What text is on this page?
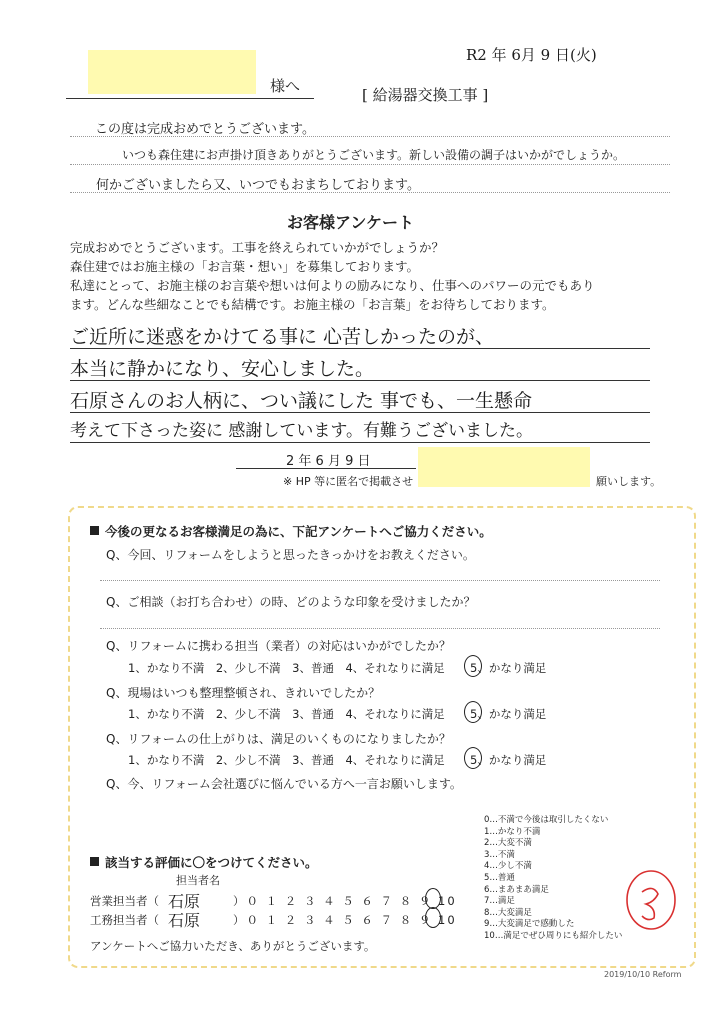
R2 年 6月 9 日(火)
様へ	[ 給湯器交換工事 ]
この度は完成おめでとうございます。
いつも森住建にお声掛け頂きありがとうございます。新しい設備の調子はいかがでしょうか。
何かございましたら又、いつでもおまちしております。
お客様アンケート
完成おめでとうございます。工事を終えられていかがでしょうか？
森住建ではお施主様の「お言葉・想い」を募集しております。
私達にとって、お施主様のお言葉や想いは何よりの励みになり、仕事へのパワーの元でもあり
ます。どんな些細なことでも結構です。お施主様の「お言葉」をお待ちしております。
ご近所に迷惑をかけてる事に 心苦しかったのが、
本当に静かになり、安心しました。
石原さんのお人柄に、つい議にした 事でも、一生懸命
考えて下さった姿に 感謝しています。有難うございました。
2 年 6 月 9 日
※ HP 等に匿名で掲載させ	願いします。
今後の更なるお客様満足の為に、下記アンケートへご協力ください。
Q、今回、リフォームをしようと思ったきっかけをお教えください。
Q、ご相談（お打ち合わせ）の時、どのような印象を受けましたか？
Q、リフォームに携わる担当（業者）の対応はいかがでしたか？
1、かなり不満　2、少し不満　3、普通　4、それなりに満足 5、かなり満足
Q、現場はいつも整理整頓され、きれいでしたか？
1、かなり不満　2、少し不満　3、普通　4、それなりに満足 5、かなり満足
Q、リフォームの仕上がりは、満足のいくものになりましたか？
1、かなり不満　2、少し不満　3、普通　4、それなりに満足 5、かなり満足
Q、今、リフォーム会社選びに悩んでいる方へ一言お願いします。
0…不満で今後は取引したくない
1…かなり不満
2…大変不満
3…不満
4…少し不満
5…普通
6…まあまあ満足
7…満足
8…大変満足
9…大変満足で感動した
10…満足でぜひ周りにも紹介したい
該当する評価に〇をつけてください。
担当者名
営業担当者（ 石原	）０ １ ２ ３ ４ ５ ６ ７ ８ ９ 10
工務担当者（ 石原	）０ １ ２ ３ ４ ５ ６ ７ ８ ９ 10
アンケートへご協力いただき、ありがとうございます。
2019/10/10 Reform
